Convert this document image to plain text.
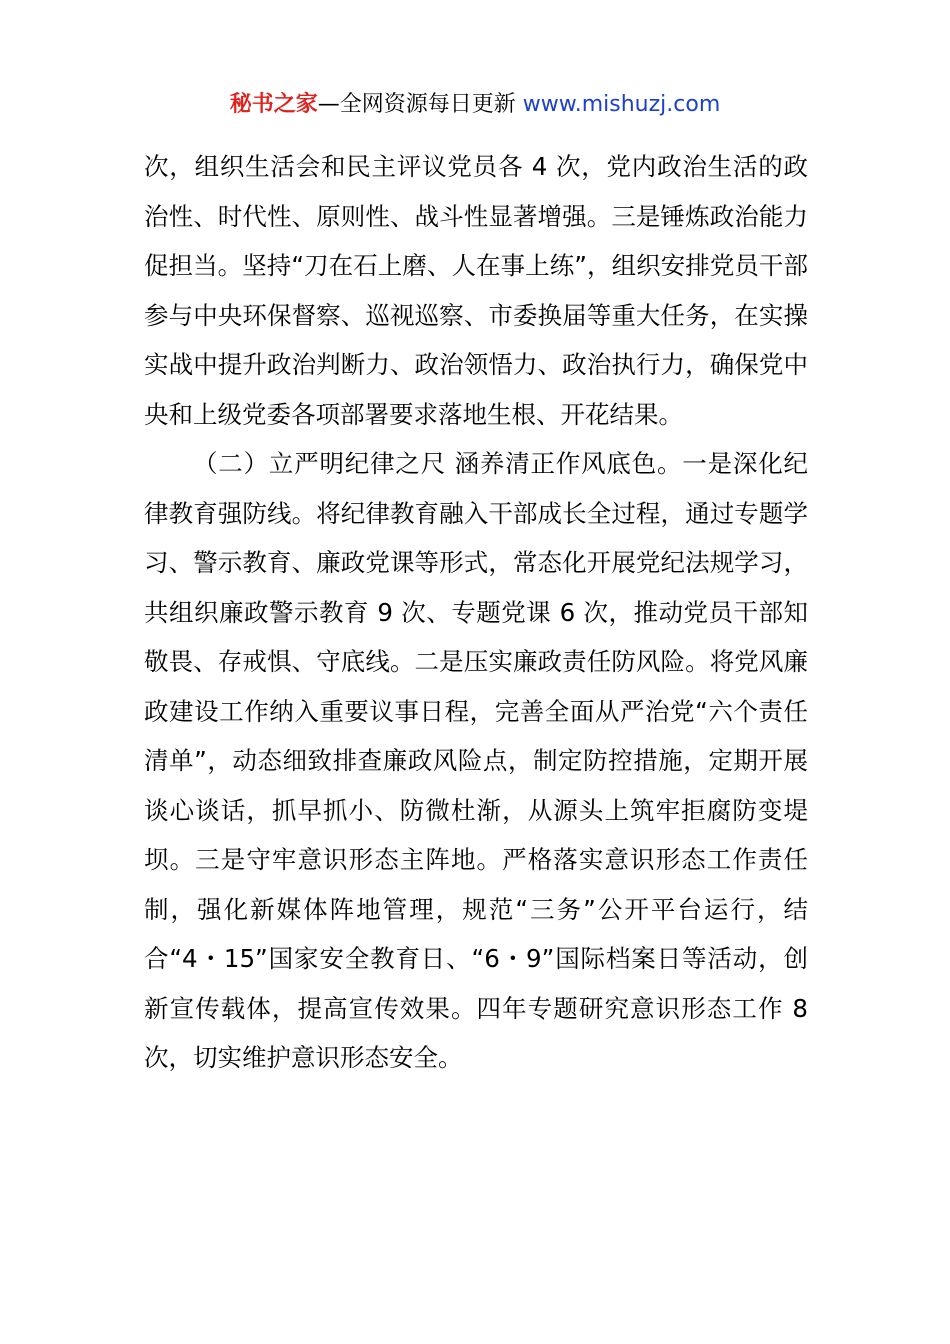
秘书之家—全网资源每日更新 www.mishuzj.com

次，组织生活会和民主评议党员各 4 次，党内政治生活的政治性、时代性、原则性、战斗性显著增强。三是锤炼政治能力促担当。坚持“刀在石上磨、人在事上练”，组织安排党员干部参与中央环保督察、巡视巡察、市委换届等重大任务，在实操实战中提升政治判断力、政治领悟力、政治执行力，确保党中央和上级党委各项部署要求落地生根、开花结果。

（二）立严明纪律之尺 涵养清正作风底色。一是深化纪律教育强防线。将纪律教育融入干部成长全过程，通过专题学习、警示教育、廉政党课等形式，常态化开展党纪法规学习，共组织廉政警示教育 9 次、专题党课 6 次，推动党员干部知敬畏、存戒惧、守底线。二是压实廉政责任防风险。将党风廉政建设工作纳入重要议事日程，完善全面从严治党“六个责任清单”，动态细致排查廉政风险点，制定防控措施，定期开展谈心谈话，抓早抓小、防微杜渐，从源头上筑牢拒腐防变堤坝。三是守牢意识形态主阵地。严格落实意识形态工作责任制，强化新媒体阵地管理，规范“三务”公开平台运行，结合“4・15”国家安全教育日、“6・9”国际档案日等活动，创新宣传载体，提高宣传效果。四年专题研究意识形态工作 8 次，切实维护意识形态安全。
